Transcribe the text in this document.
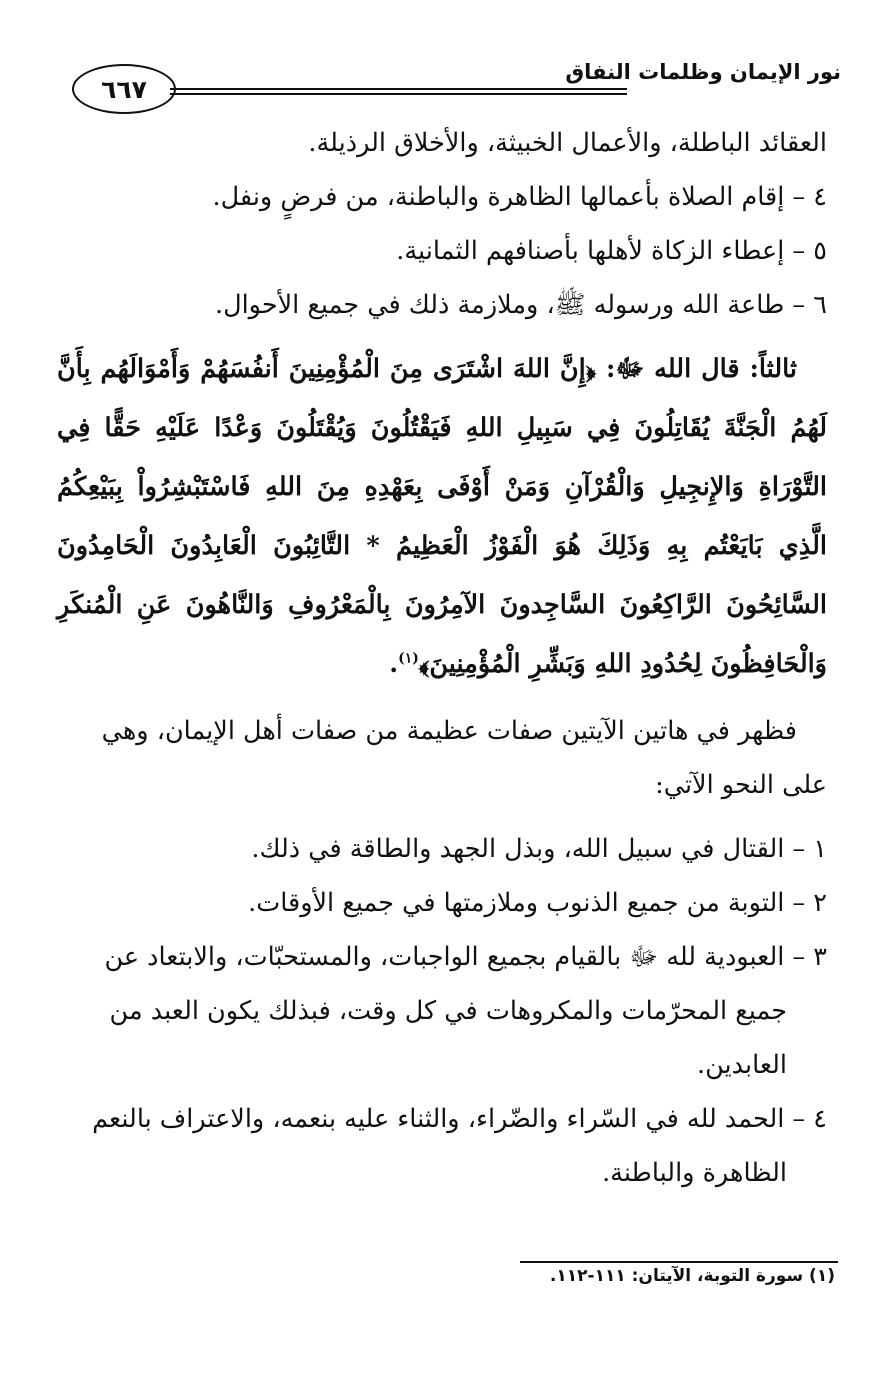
نور الإيمان وظلمات النفاق
٦٦٧

العقائد الباطلة، والأعمال الخبيثة، والأخلاق الرذيلة.

٤ – إقام الصلاة بأعمالها الظاهرة والباطنة، من فرضٍ ونفل.

٥ – إعطاء الزكاة لأهلها بأصنافهم الثمانية.

٦ – طاعة الله ورسوله ﷺ، وملازمة ذلك في جميع الأحوال.

ثالثاً: قال الله ﷻ: ﴿إِنَّ اللهَ اشْتَرَى مِنَ الْمُؤْمِنِينَ أَنفُسَهُمْ وَأَمْوَالَهُم بِأَنَّ لَهُمُ الْجَنَّةَ يُقَاتِلُونَ فِي سَبِيلِ اللهِ فَيَقْتُلُونَ وَيُقْتَلُونَ وَعْدًا عَلَيْهِ حَقًّا فِي التَّوْرَاةِ وَالإِنجِيلِ وَالْقُرْآنِ وَمَنْ أَوْفَى بِعَهْدِهِ مِنَ اللهِ فَاسْتَبْشِرُواْ بِبَيْعِكُمُ الَّذِي بَايَعْتُم بِهِ وَذَلِكَ هُوَ الْفَوْزُ الْعَظِيمُ * التَّائِبُونَ الْعَابِدُونَ الْحَامِدُونَ السَّائِحُونَ الرَّاكِعُونَ السَّاجِدونَ الآمِرُونَ بِالْمَعْرُوفِ وَالنَّاهُونَ عَنِ الْمُنكَرِ وَالْحَافِظُونَ لِحُدُودِ اللهِ وَبَشِّرِ الْمُؤْمِنِينَ﴾$^{(١)}$.

فظهر في هاتين الآيتين صفات عظيمة من صفات أهل الإيمان، وهي على النحو الآتي:

١ – القتال في سبيل الله، وبذل الجهد والطاقة في ذلك.

٢ – التوبة من جميع الذنوب وملازمتها في جميع الأوقات.

٣ – العبودية لله ﷻ بالقيام بجميع الواجبات، والمستحبّات، والابتعاد عن جميع المحرّمات والمكروهات في كل وقت، فبذلك يكون العبد من العابدين.

٤ – الحمد لله في السّراء والضّراء، والثناء عليه بنعمه، والاعتراف بالنعم الظاهرة والباطنة.

(١) سورة التوبة، الآيتان: ١١١-١١٢.
